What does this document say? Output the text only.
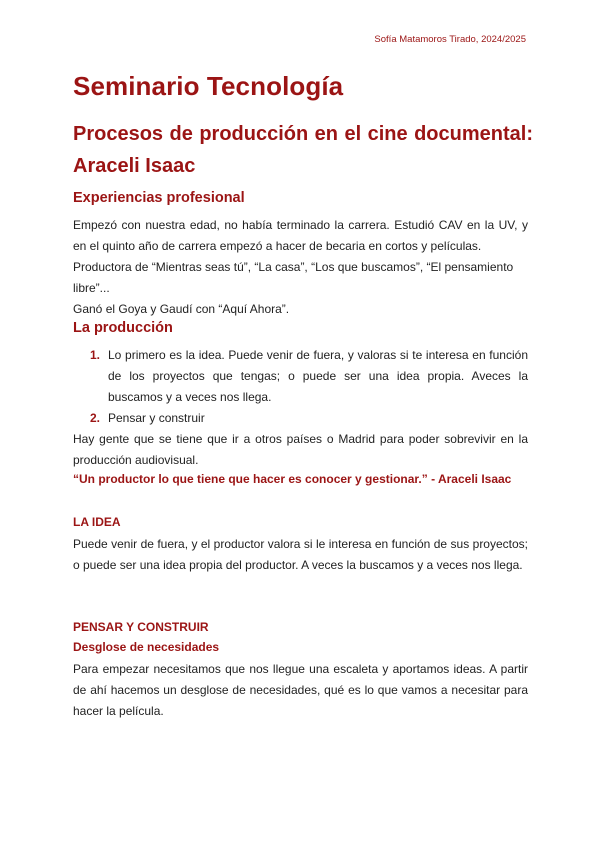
Sofía Matamoros Tirado, 2024/2025
Seminario Tecnología
Procesos de producción en el cine documental: Araceli Isaac
Experiencias profesional

Empezó con nuestra edad, no había terminado la carrera. Estudió CAV en la UV, y en el quinto año de carrera empezó a hacer de becaria en cortos y películas.

Productora de “Mientras seas tú”, “La casa”, “Los que buscamos”, “El pensamiento libre”...

Ganó el Goya y Gaudí con “Aquí Ahora”.

La producción
1. Lo primero es la idea. Puede venir de fuera, y valoras si te interesa en función de los proyectos que tengas; o puede ser una idea propia. Aveces la buscamos y a veces nos llega.
2. Pensar y construir

Hay gente que se tiene que ir a otros países o Madrid para poder sobrevivir en la producción audiovisual.

“Un productor lo que tiene que hacer es conocer y gestionar.” - Araceli Isaac

LA IDEA

Puede venir de fuera, y el productor valora si le interesa en función de sus proyectos; o puede ser una idea propia del productor. A veces la buscamos y a veces nos llega.

PENSAR Y CONSTRUIR
Desglose de necesidades

Para empezar necesitamos que nos llegue una escaleta y aportamos ideas. A partir de ahí hacemos un desglose de necesidades, qué es lo que vamos a necesitar para hacer la película.
